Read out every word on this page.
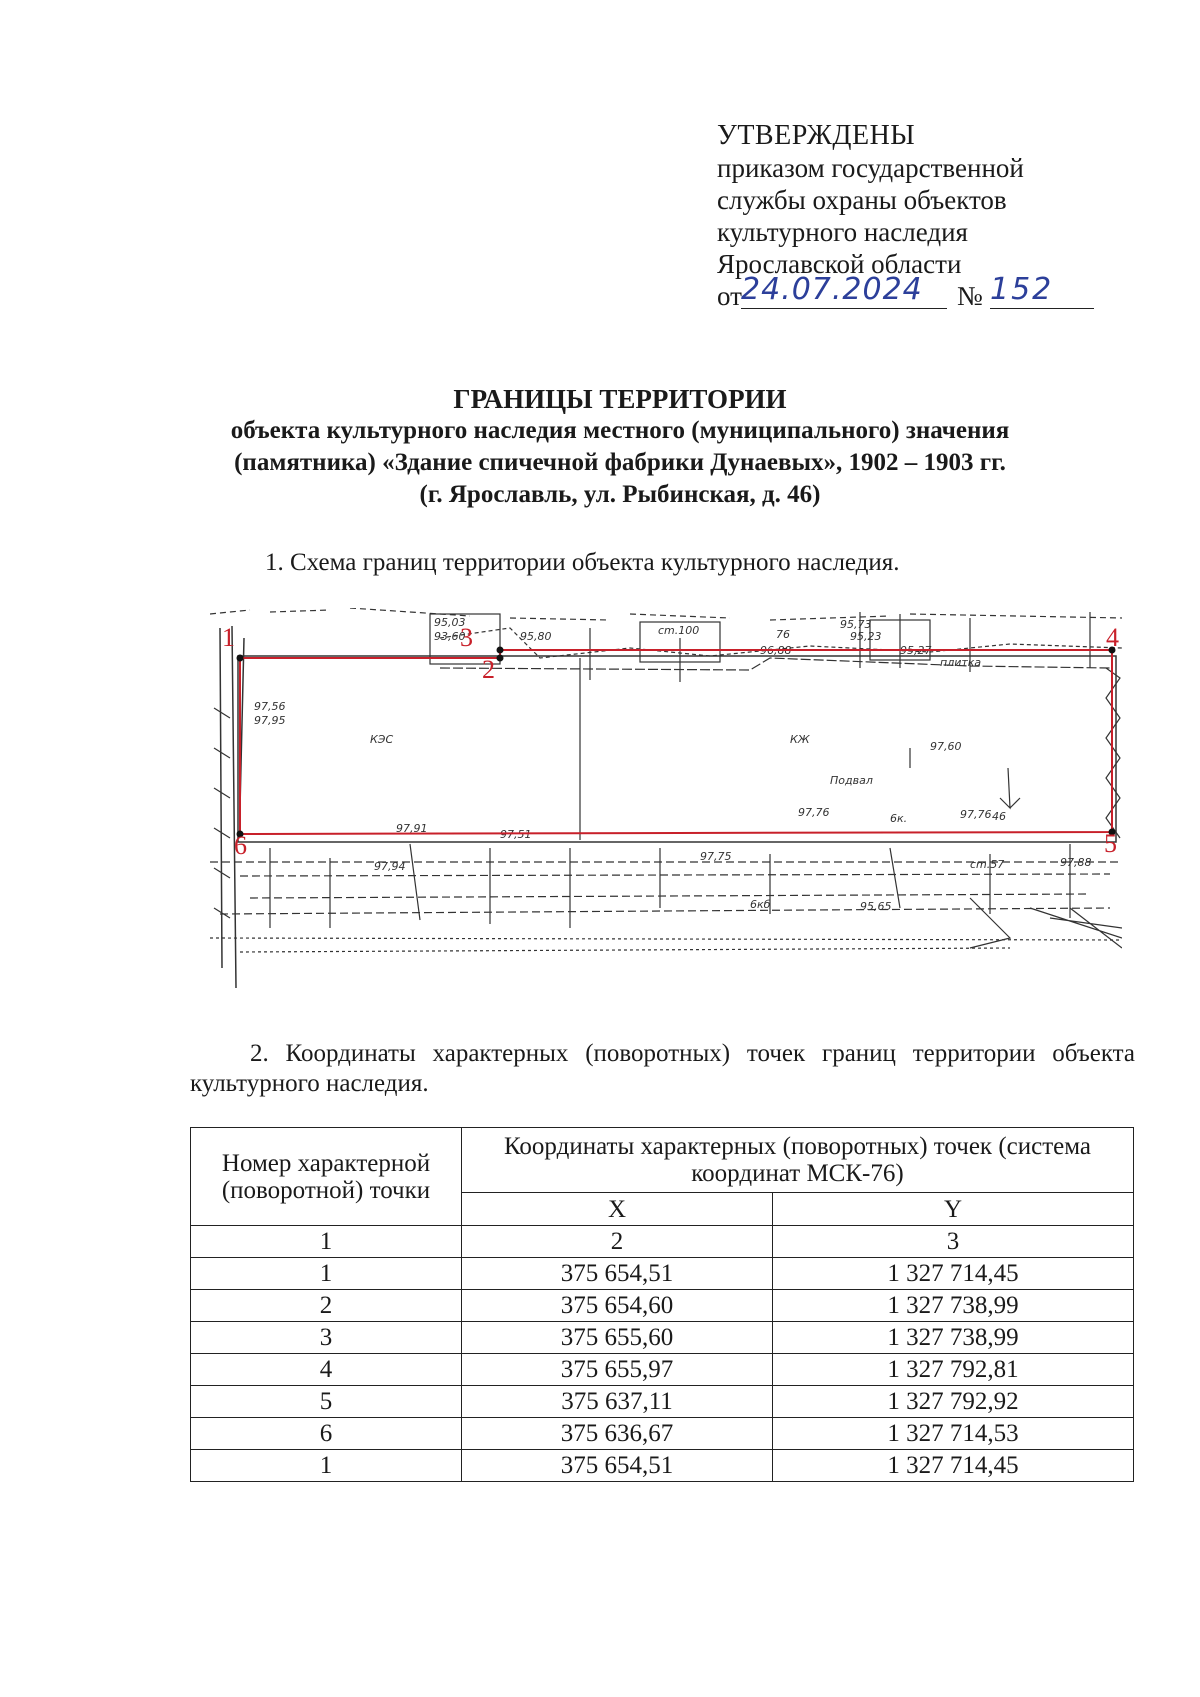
УТВЕРЖДЕНЫ
приказом государственной
службы охраны объектов
культурного наследия
Ярославской области
от 24.07.2024	№ 152
ГРАНИЦЫ ТЕРРИТОРИИ
объекта культурного наследия местного (муниципального) значения
(памятника) «Здание спичечной фабрики Дунаевых», 1902 – 1903 гг.
(г. Ярославль, ул. Рыбинская, д. 46)
1. Схема границ территории объекта культурного наследия.
КЭС	КЖ
95,03
93,60	95,80
97,56
97,95
97,60
97,76	97,76
97,91
97,94
95,73
95,23
96,88	95,27
95,65
97,51
97,75	97,88
cm.100
cm.57
6к.	46
Подвал
76
плитка
6кб
1
2
3	4
5
6
2. Координаты характерных (поворотных) точек границ территории объекта культурного наследия.
Номер характерной (поворотной) точки	Координаты характерных (поворотных) точек (система координат МСК-76)	
	X	Y
1	2	3
1	375 654,51	1 327 714,45
2	375 654,60	1 327 738,99
3	375 655,60	1 327 738,99
4	375 655,97	1 327 792,81
5	375 637,11	1 327 792,92
6	375 636,67	1 327 714,53
1	375 654,51	1 327 714,45
